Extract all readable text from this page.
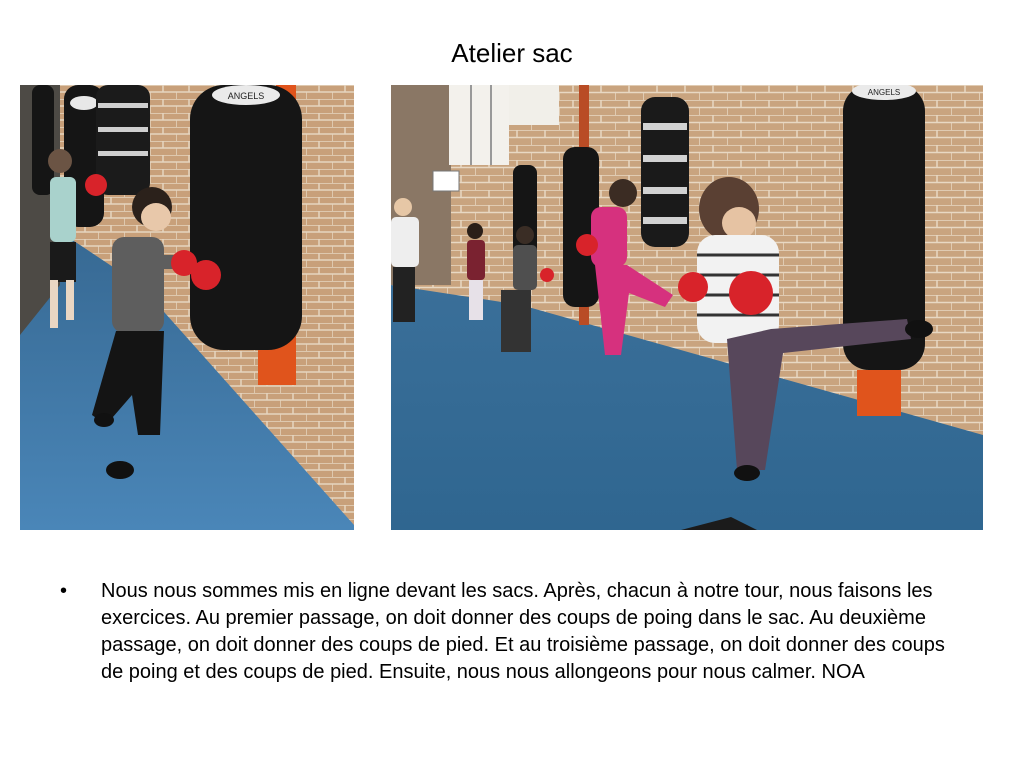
Atelier sac
ANGELS	ANGELS
• Nous nous sommes mis en ligne devant les sacs. Après, chacun à notre tour, nous faisons les exercices. Au premier passage, on doit donner des coups de poing dans le sac. Au deuxième passage, on doit donner des coups de pied. Et au troisième passage, on doit donner des coups de poing et des coups de pied. Ensuite, nous nous allongeons pour nous calmer. NOA
